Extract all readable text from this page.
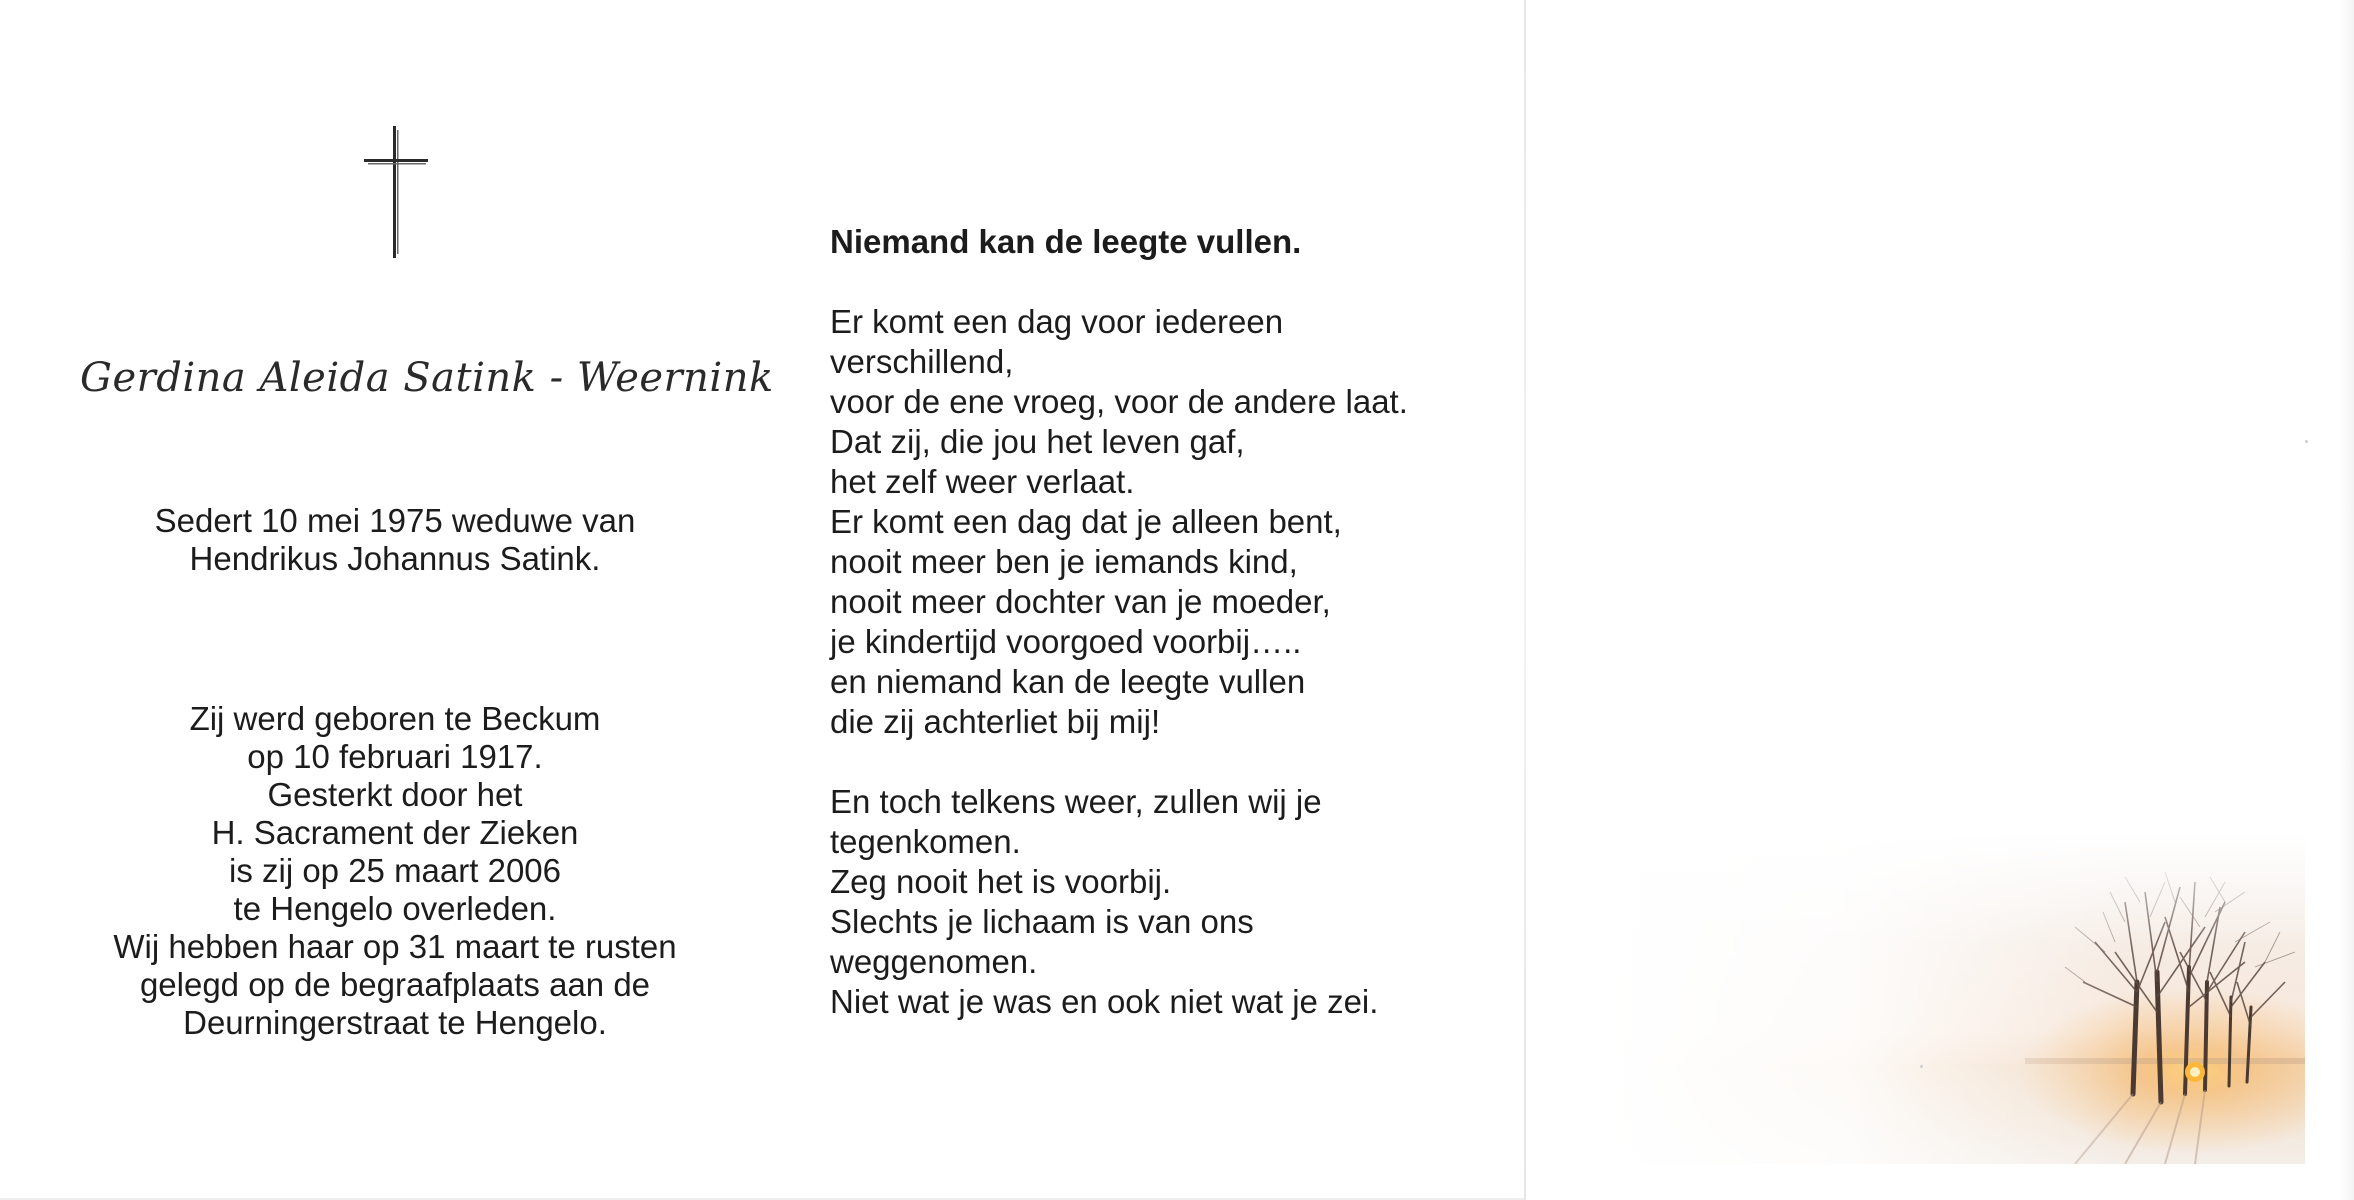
Gerdina Aleida Satink - Weernink
Sedert 10 mei 1975 weduwe van
Hendrikus Johannus Satink.
Zij werd geboren te Beckum
op 10 februari 1917.
Gesterkt door het
H. Sacrament der Zieken
is zij op 25 maart 2006
te Hengelo overleden.
Wij hebben haar op 31 maart te rusten
gelegd op de begraafplaats aan de
Deurningerstraat te Hengelo.
Niemand kan de leegte vullen.
Er komt een dag voor iedereen
verschillend,
voor de ene vroeg, voor de andere laat.
Dat zij, die jou het leven gaf,
het zelf weer verlaat.
Er komt een dag dat je alleen bent,
nooit meer ben je iemands kind,
nooit meer dochter van je moeder,
je kindertijd voorgoed voorbij…..
en niemand kan de leegte vullen
die zij achterliet bij mij!
En toch telkens weer, zullen wij je
tegenkomen.
Zeg nooit het is voorbij.
Slechts je lichaam is van ons
weggenomen.
Niet wat je was en ook niet wat je zei.
